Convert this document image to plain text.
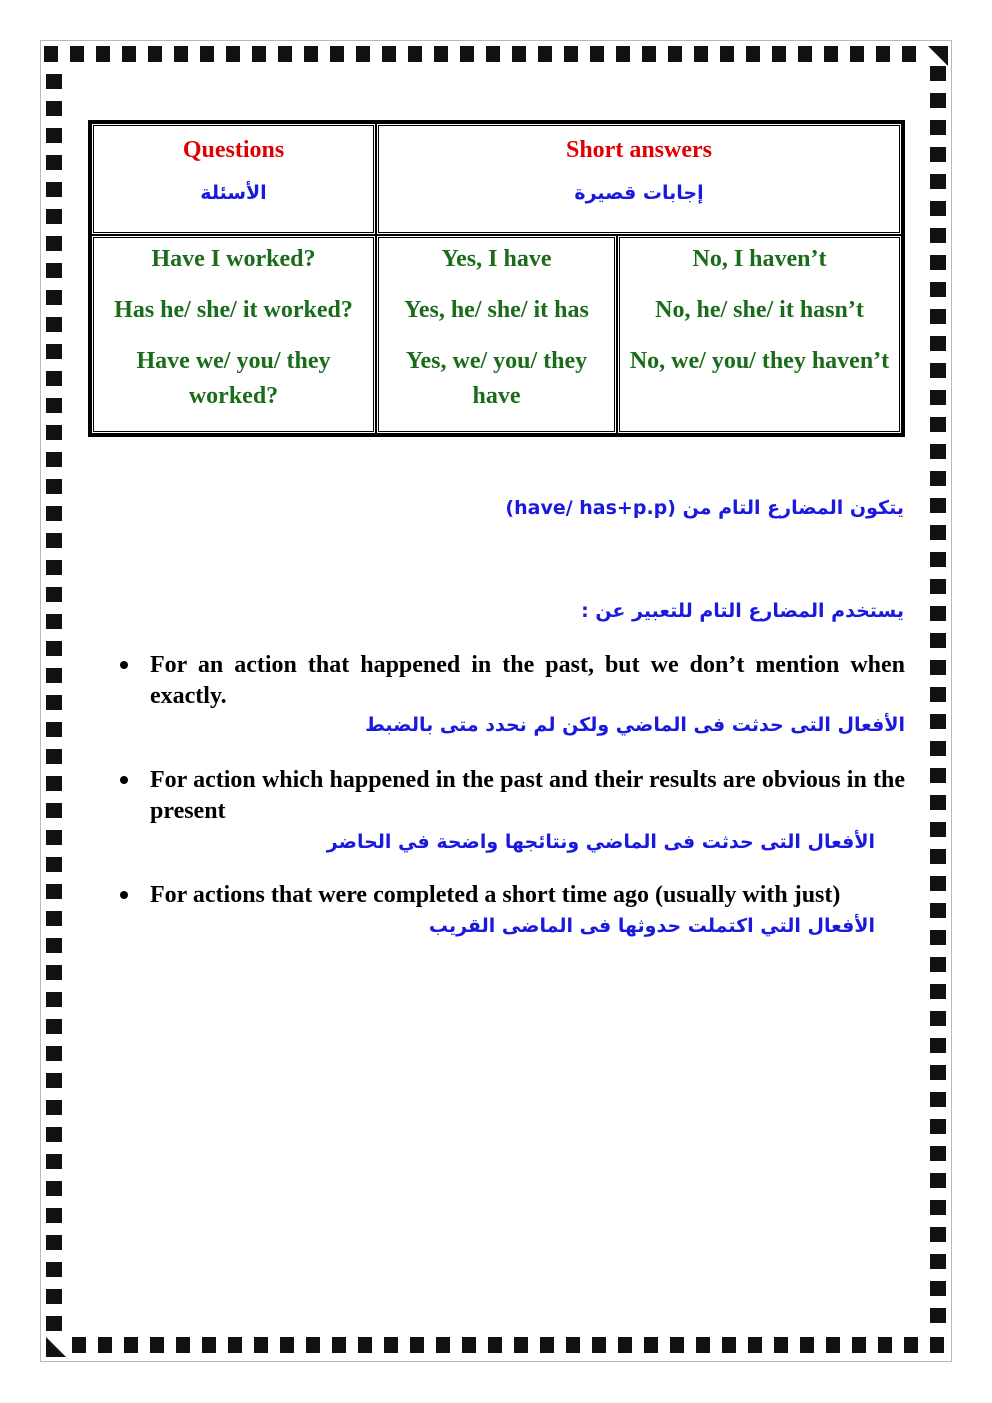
Questions
الأسئلة
Short answers
إجابات قصيرة
Have I worked?
Has he/ she/ it worked?
Have we/ you/ they worked?
Yes, I have
Yes, he/ she/ it has
Yes, we/ you/ they have
No, I haven’t
No, he/ she/ it hasn’t
No, we/ you/ they haven’t
يتكون المضارع التام من (have/ has+p.p)
يستخدم المضارع التام للتعبير عن :
For an action that happened in the past, but we don’t mention when exactly.
الأفعال التى حدثت فى الماضي ولكن لم نحدد متى بالضبط
For action which happened in the past and their results are obvious in the present
الأفعال التى حدثت فى الماضي ونتائجها واضحة في الحاضر
For actions that were completed a short time ago (usually with just)
الأفعال التي اكتملت حدوثها فى الماضى القريب
